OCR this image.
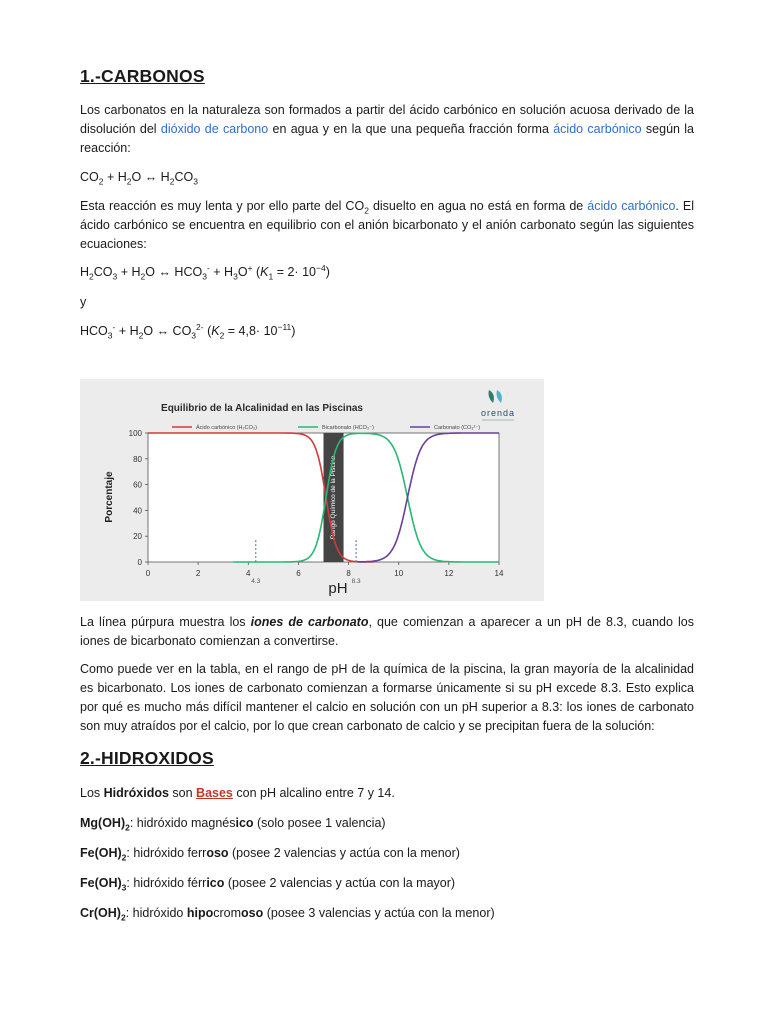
1.-CARBONOS
Los carbonatos en la naturaleza son formados a partir del ácido carbónico en solución acuosa derivado de la disolución del dióxido de carbono en agua y en la que una pequeña fracción forma ácido carbónico según la reacción:
$CO_2 + H_2O$ ↔ $H_2CO_3$
Esta reacción es muy lenta y por ello parte del $CO_2$ disuelto en agua no está en forma de ácido carbónico. El ácido carbónico se encuentra en equilibrio con el anión bicarbonato y el anión carbonato según las siguientes ecuaciones:
$H_2CO_3 + H_2O$ ↔ $HCO_3^- + H_3O^+$ $(K_1 = 2\cdot 10^{-4})$
y
$HCO_3^- + H_2O$ ↔ $CO_3^{2-}$ $(K_2 = 4,8\cdot 10^{-11})$
Equilibrio de la Alcalinidad en las Piscinas	orenda
Rango Químico de la Piscina
0
20
40
60
80
100
0	2	4	6	8	10	12	14
pH
Porcentaje
4.3	8.3
Ácido carbónico (H₂CO₃)	Bicarbonato (HCO₃⁻)	Carbonato (CO₃²⁻)
La línea púrpura muestra los iones de carbonato, que comienzan a aparecer a un pH de 8.3, cuando los iones de bicarbonato comienzan a convertirse.
Como puede ver en la tabla, en el rango de pH de la química de la piscina, la gran mayoría de la alcalinidad es bicarbonato. Los iones de carbonato comienzan a formarse únicamente si su pH excede 8.3. Esto explica por qué es mucho más difícil mantener el calcio en solución con un pH superior a 8.3: los iones de carbonato son muy atraídos por el calcio, por lo que crean carbonato de calcio y se precipitan fuera de la solución:
2.-HIDROXIDOS
Los Hidróxidos son Bases con pH alcalino entre 7 y 14.
$Mg(OH)_2$: hidróxido magnésico (solo posee 1 valencia)
$Fe(OH)_2$: hidróxido ferroso (posee 2 valencias y actúa con la menor)
$Fe(OH)_3$: hidróxido férrico (posee 2 valencias y actúa con la mayor)
$Cr(OH)_2$: hidróxido hipocromoso (posee 3 valencias y actúa con la menor)
